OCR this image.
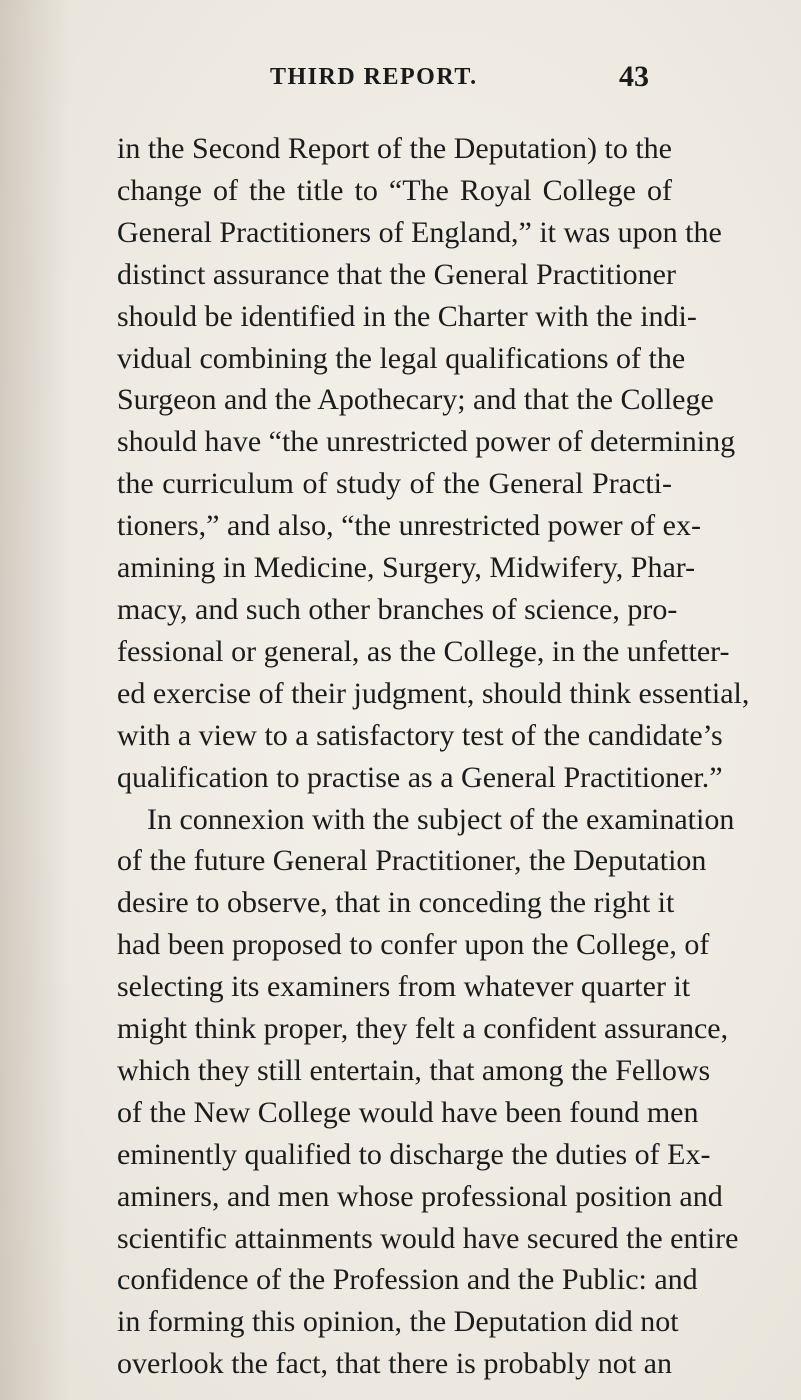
THIRD REPORT.	43
in the Second Report of the Deputation) to the
change of the title to “The Royal College of
General Practitioners of England,” it was upon the
distinct assurance that the General Practitioner
should be identified in the Charter with the indi-
vidual combining the legal qualifications of the
Surgeon and the Apothecary; and that the College
should have “the unrestricted power of determining
the curriculum of study of the General Practi-
tioners,” and also, “the unrestricted power of ex-
amining in Medicine, Surgery, Midwifery, Phar-
macy, and such other branches of science, pro-
fessional or general, as the College, in the unfetter-
ed exercise of their judgment, should think essential,
with a view to a satisfactory test of the candidate’s
qualification to practise as a General Practitioner.”
In connexion with the subject of the examination
of the future General Practitioner, the Deputation
desire to observe, that in conceding the right it
had been proposed to confer upon the College, of
selecting its examiners from whatever quarter it
might think proper, they felt a confident assurance,
which they still entertain, that among the Fellows
of the New College would have been found men
eminently qualified to discharge the duties of Ex-
aminers, and men whose professional position and
scientific attainments would have secured the entire
confidence of the Profession and the Public: and
in forming this opinion, the Deputation did not
overlook the fact, that there is probably not an
